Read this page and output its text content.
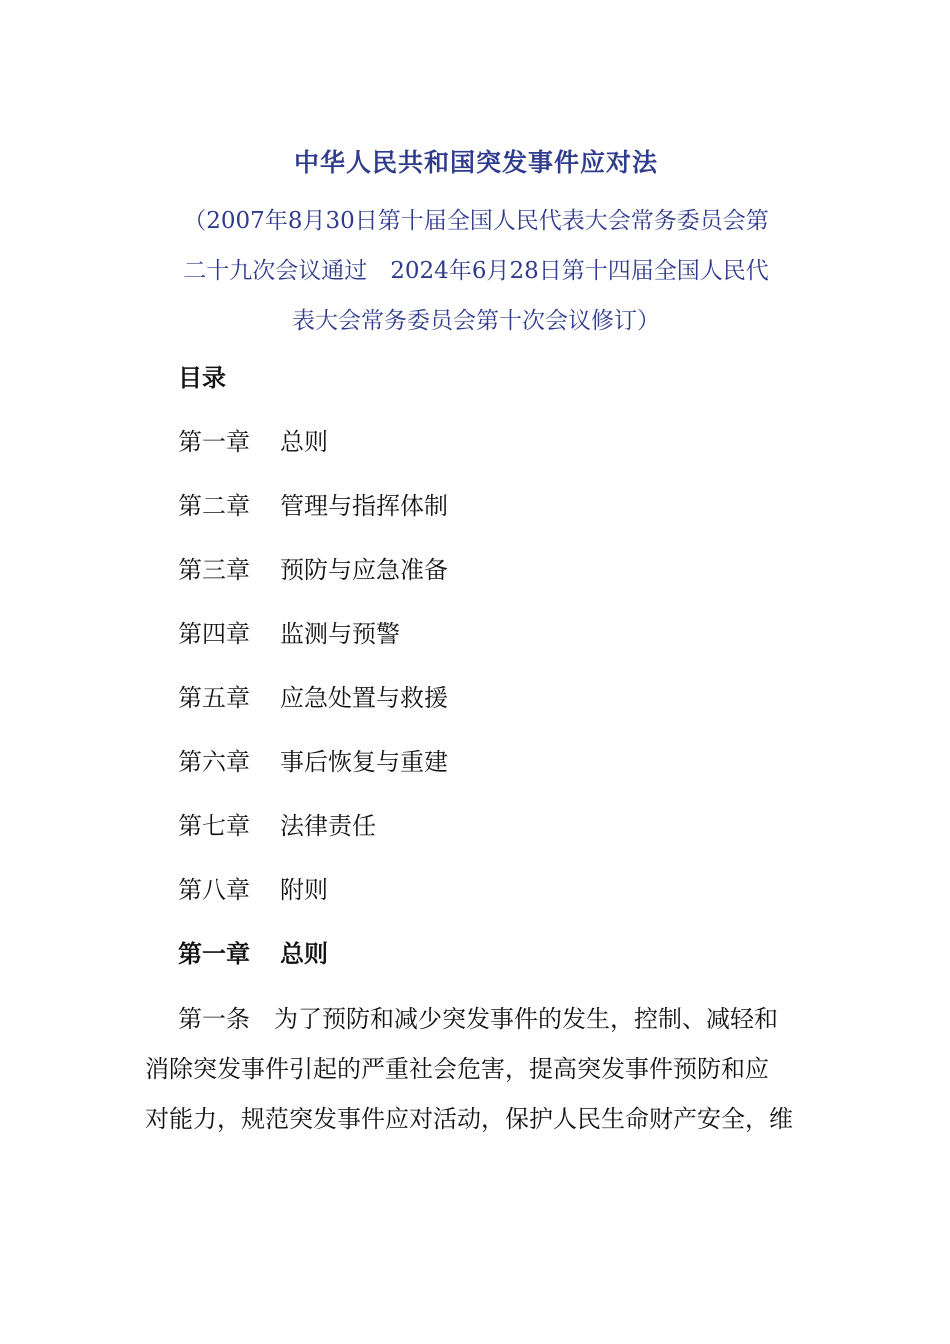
中华人民共和国突发事件应对法
（2007年8月30日第十届全国人民代表大会常务委员会第
二十九次会议通过　2024年6月28日第十四届全国人民代
表大会常务委员会第十次会议修订）
目录
第一章 总则
第二章 管理与指挥体制
第三章 预防与应急准备
第四章 监测与预警
第五章 应急处置与救援
第六章 事后恢复与重建
第七章 法律责任
第八章 附则
第一章 总则
第一条　为了预防和减少突发事件的发生，控制、减轻和
消除突发事件引起的严重社会危害，提高突发事件预防和应
对能力，规范突发事件应对活动，保护人民生命财产安全，维
